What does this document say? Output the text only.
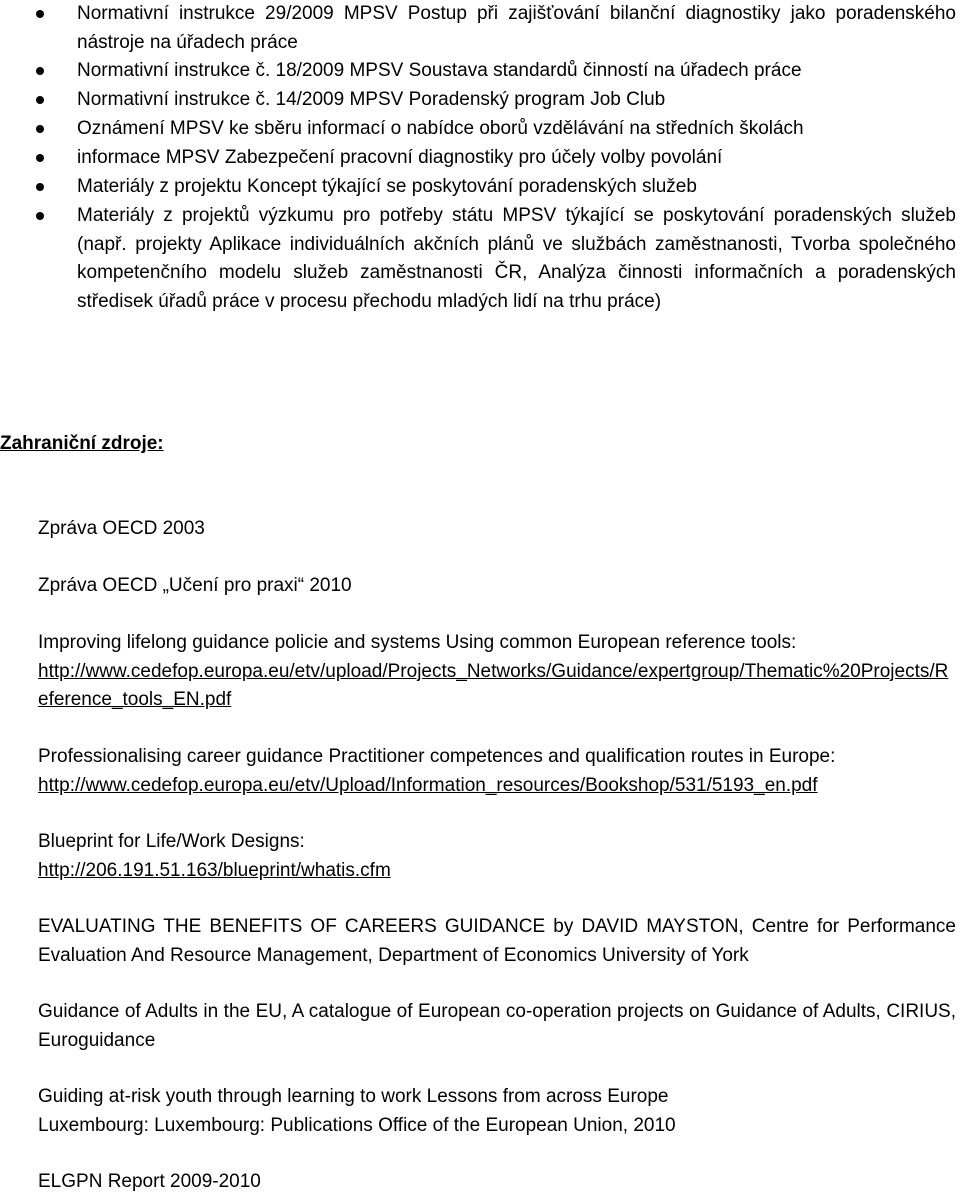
Normativní instrukce 29/2009 MPSV Postup při zajišťování bilanční diagnostiky jako poradenského nástroje na úřadech práce
Normativní instrukce č. 18/2009 MPSV Soustava standardů činností na úřadech práce
Normativní instrukce č. 14/2009 MPSV Poradenský program Job Club
Oznámení MPSV ke sběru informací o nabídce oborů vzdělávání na středních školách
informace MPSV Zabezpečení pracovní diagnostiky pro účely volby povolání
Materiály z projektu Koncept týkající se poskytování poradenských služeb
Materiály z projektů výzkumu pro potřeby státu MPSV týkající se poskytování poradenských služeb (např. projekty Aplikace individuálních akčních plánů ve službách zaměstnanosti, Tvorba společného kompetenčního modelu služeb zaměstnanosti ČR, Analýza činnosti informačních a poradenských středisek úřadů práce v procesu přechodu mladých lidí na trhu práce)

Zahraniční zdroje:

Zpráva OECD 2003

Zpráva OECD „Učení pro praxi“ 2010

Improving lifelong guidance policie and systems Using common European reference tools:
http://www.cedefop.europa.eu/etv/upload/Projects_Networks/Guidance/expertgroup/Thematic%20Projects/Reference_tools_EN.pdf
Professionalising career guidance Practitioner competences and qualification routes in Europe:
http://www.cedefop.europa.eu/etv/Upload/Information_resources/Bookshop/531/5193_en.pdf
Blueprint for Life/Work Designs:
http://206.191.51.163/blueprint/whatis.cfm

EVALUATING THE BENEFITS OF CAREERS GUIDANCE by DAVID MAYSTON, Centre for Performance Evaluation And Resource Management, Department of Economics University of York

Guidance of Adults in the EU, A catalogue of European co-operation projects on Guidance of Adults, CIRIUS, Euroguidance

Guiding at-risk youth through learning to work Lessons from across Europe
Luxembourg: Luxembourg: Publications Office of the European Union, 2010

ELGPN Report 2009-2010
